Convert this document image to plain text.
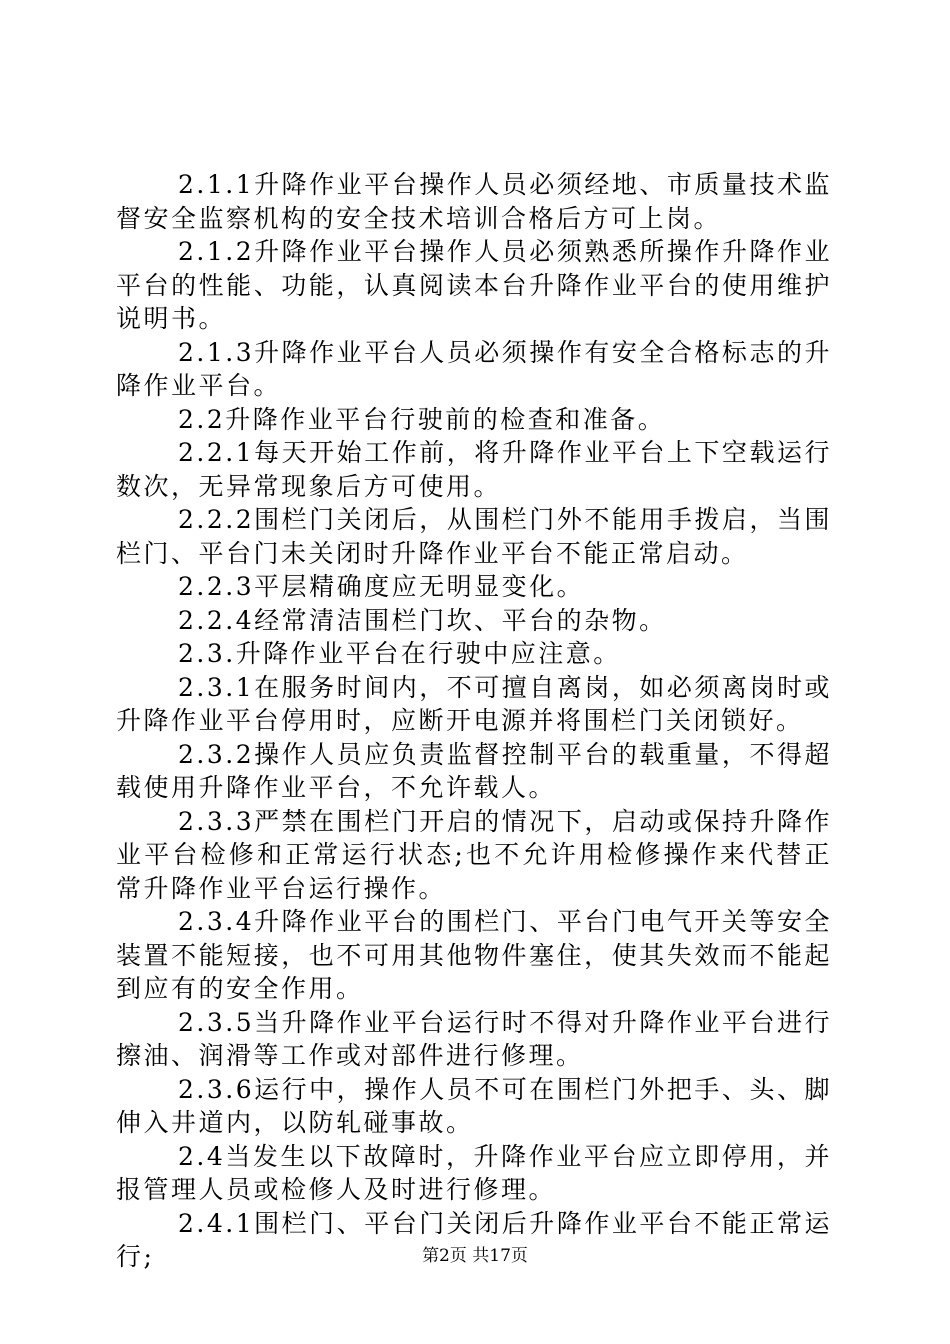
2.1.1升降作业平台操作人员必须经地、市质量技术监督安全监察机构的安全技术培训合格后方可上岗。

2.1.2升降作业平台操作人员必须熟悉所操作升降作业平台的性能、功能，认真阅读本台升降作业平台的使用维护说明书。

2.1.3升降作业平台人员必须操作有安全合格标志的升降作业平台。

2.2升降作业平台行驶前的检查和准备。

2.2.1每天开始工作前，将升降作业平台上下空载运行数次，无异常现象后方可使用。

2.2.2围栏门关闭后，从围栏门外不能用手拨启，当围栏门、平台门未关闭时升降作业平台不能正常启动。

2.2.3平层精确度应无明显变化。

2.2.4经常清洁围栏门坎、平台的杂物。

2.3.升降作业平台在行驶中应注意。

2.3.1在服务时间内，不可擅自离岗，如必须离岗时或升降作业平台停用时，应断开电源并将围栏门关闭锁好。

2.3.2操作人员应负责监督控制平台的载重量，不得超载使用升降作业平台，不允许载人。

2.3.3严禁在围栏门开启的情况下，启动或保持升降作业平台检修和正常运行状态;也不允许用检修操作来代替正常升降作业平台运行操作。

2.3.4升降作业平台的围栏门、平台门电气开关等安全装置不能短接，也不可用其他物件塞住，使其失效而不能起到应有的安全作用。

2.3.5当升降作业平台运行时不得对升降作业平台进行擦油、润滑等工作或对部件进行修理。

2.3.6运行中，操作人员不可在围栏门外把手、头、脚伸入井道内，以防轧碰事故。

2.4当发生以下故障时，升降作业平台应立即停用，并报管理人员或检修人及时进行修理。

2.4.1围栏门、平台门关闭后升降作业平台不能正常运行;	第2页 共17页
